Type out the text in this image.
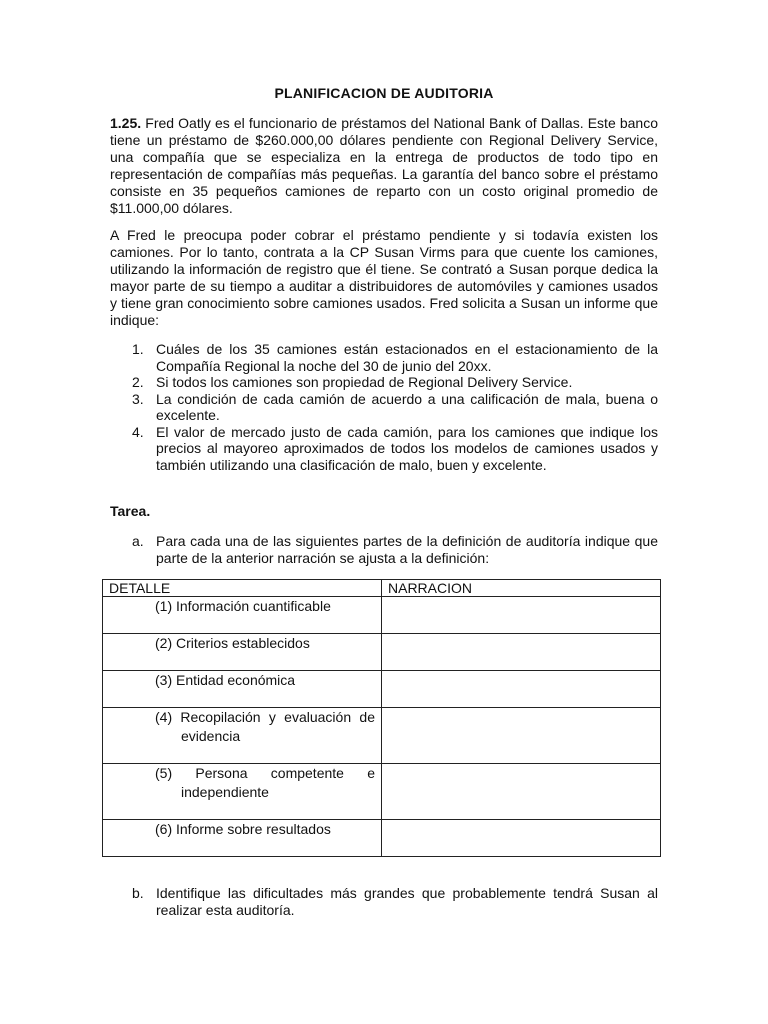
PLANIFICACION DE AUDITORIA
1.25. Fred Oatly es el funcionario de préstamos del National Bank of Dallas. Este banco tiene un préstamo de $260.000,00 dólares pendiente con Regional Delivery Service, una compañía que se especializa en la entrega de productos de todo tipo en representación de compañías más pequeñas. La garantía del banco sobre el préstamo consiste en 35 pequeños camiones de reparto con un costo original promedio de $11.000,00 dólares.
A Fred le preocupa poder cobrar el préstamo pendiente y si todavía existen los camiones. Por lo tanto, contrata a la CP Susan Virms para que cuente los camiones, utilizando la información de registro que él tiene. Se contrató a Susan porque dedica la mayor parte de su tiempo a auditar a distribuidores de automóviles y camiones usados y tiene gran conocimiento sobre camiones usados. Fred solicita a Susan un informe que indique:
1. Cuáles de los 35 camiones están estacionados en el estacionamiento de la Compañía Regional la noche del 30 de junio del 20xx.
2. Si todos los camiones son propiedad de Regional Delivery Service.
3. La condición de cada camión de acuerdo a una calificación de mala, buena o excelente.
4. El valor de mercado justo de cada camión, para los camiones que indique los precios al mayoreo aproximados de todos los modelos de camiones usados y también utilizando una clasificación de malo, buen y excelente.
Tarea.
a. Para cada una de las siguientes partes de la definición de auditoría indique que parte de la anterior narración se ajusta a la definición:
DETALLE	NARRACION

(1) Información cuantificable	

(2) Criterios establecidos	

(3) Entidad económica	

(4) Recopilación y evaluación de evidencia	

(5) Persona competente e independiente	

(6) Informe sobre resultados	

b. Identifique las dificultades más grandes que probablemente tendrá Susan al realizar esta auditoría.
